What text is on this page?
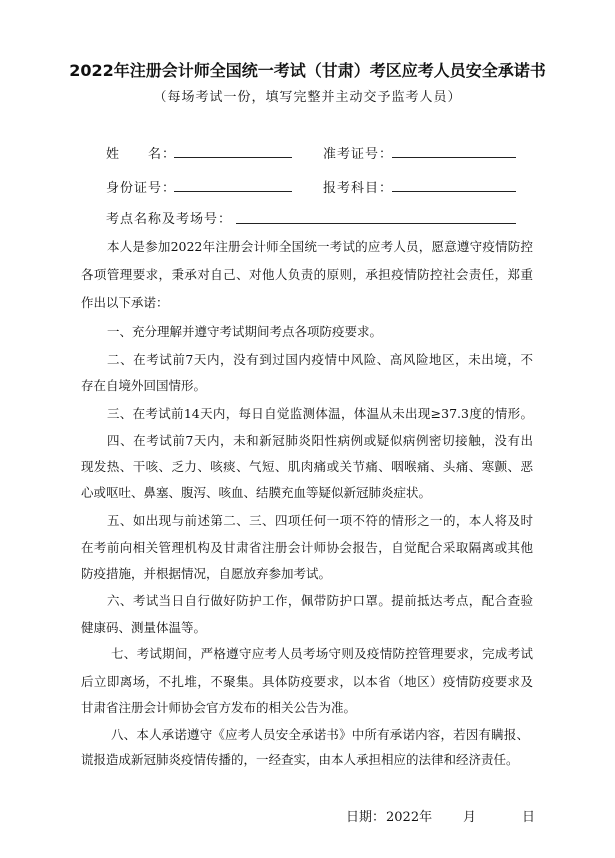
2022年注册会计师全国统一考试（甘肃）考区应考人员安全承诺书
（每场考试一份，填写完整并主动交予监考人员）
姓　　名：	准考证号：
身份证号：	报考科目：
考点名称及考场号：
本人是参加2022年注册会计师全国统一考试的应考人员，愿意遵守疫情防控
各项管理要求，秉承对自己、对他人负责的原则，承担疫情防控社会责任，郑重
作出以下承诺：
一、充分理解并遵守考试期间考点各项防疫要求。
二、在考试前7天内，没有到过国内疫情中风险、高风险地区，未出境，不
存在自境外回国情形。
三、在考试前14天内，每日自觉监测体温，体温从未出现≥37.3度的情形。
四、在考试前7天内，未和新冠肺炎阳性病例或疑似病例密切接触，没有出
现发热、干咳、乏力、咳痰、气短、肌肉痛或关节痛、咽喉痛、头痛、寒颤、恶
心或呕吐、鼻塞、腹泻、咳血、结膜充血等疑似新冠肺炎症状。
五、如出现与前述第二、三、四项任何一项不符的情形之一的，本人将及时
在考前向相关管理机构及甘肃省注册会计师协会报告，自觉配合采取隔离或其他
防疫措施，并根据情况，自愿放弃参加考试。
六、考试当日自行做好防护工作，佩带防护口罩。提前抵达考点，配合查验
健康码、测量体温等。
七、考试期间，严格遵守应考人员考场守则及疫情防控管理要求，完成考试
后立即离场，不扎堆，不聚集。具体防疫要求，以本省（地区）疫情防疫要求及
甘肃省注册会计师协会官方发布的相关公告为准。
八、本人承诺遵守《应考人员安全承诺书》中所有承诺内容，若因有瞒报、
谎报造成新冠肺炎疫情传播的，一经查实，由本人承担相应的法律和经济责任。
日期： 2022年 月	日
